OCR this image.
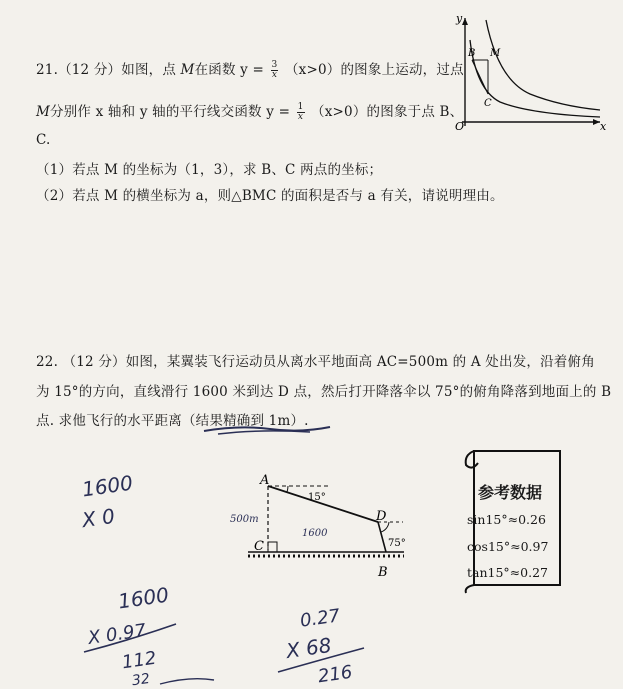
21.（12 分）如图，点 M在函数 $y = \frac{3}{x} (x>0)$的图象上运动，过点
M分别作 x 轴和 y 轴的平行线交函数 $y = \frac{1}{x} (x>0)$的图象于点 B、
C.
（1）若点 M 的坐标为（1，3），求 B、C 两点的坐标；
（2）若点 M 的横坐标为 a，则△BMC 的面积是否与 a 有关，请说明理由。
y
x
O
B M
C
22. （12 分）如图，某翼装飞行运动员从离水平地面高 AC=500m 的 A 处出发，沿着俯角
为 15°的方向，直线滑行 1600 米到达 D 点，然后打开降落伞以 75°的俯角降落到地面上的 B
点. 求他飞行的水平距离（结果精确到 1m）.
A
C
D
B
15°
75°
1600
500m
参考数据
sin15°≈0.26
cos15°≈0.97
tan15°≈0.27
1600
X 0
1600
X 0.97
112
32
0.27
X 68
216
